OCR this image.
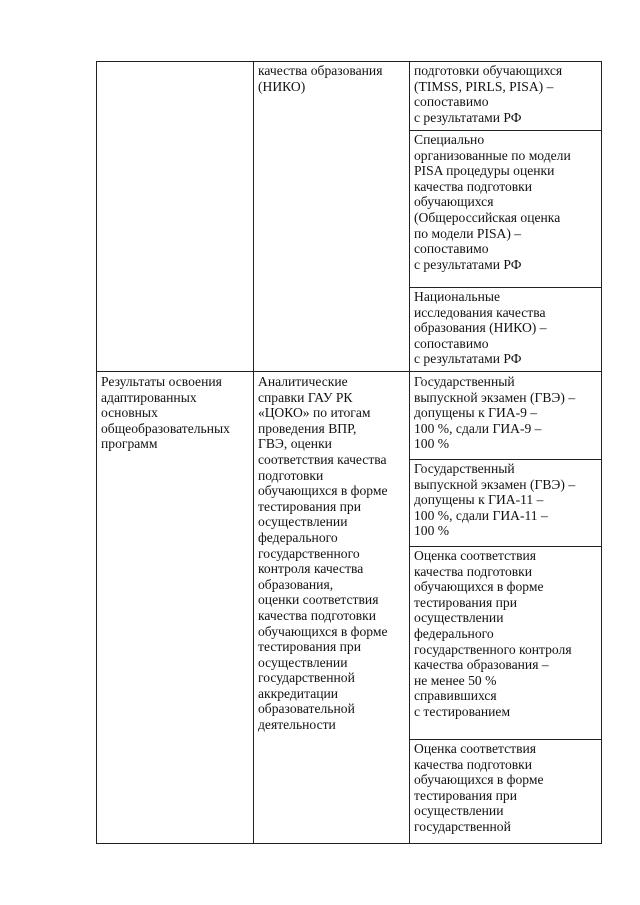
качества образования
(НИКО)
подготовки обучающихся
(TIMSS, PIRLS, PISA) –
сопоставимо
с результатами РФ
Специально
организованные по модели
PISA процедуры оценки
качества подготовки
обучающихся
(Общероссийская оценка
по модели PISA) –
сопоставимо
с результатами РФ
Национальные
исследования качества
образования (НИКО) –
сопоставимо
с результатами РФ
Результаты освоения
адаптированных
основных
общеобразовательных
программ
Аналитические
справки ГАУ РК
«ЦОКО» по итогам
проведения ВПР,
ГВЭ, оценки
соответствия качества
подготовки
обучающихся в форме
тестирования при
осуществлении
федерального
государственного
контроля качества
образования,
оценки соответствия
качества подготовки
обучающихся в форме
тестирования при
осуществлении
государственной
аккредитации
образовательной
деятельности
Государственный
выпускной экзамен (ГВЭ) –
допущены к ГИА-9 –
100 %, сдали ГИА-9 –
100 %
Государственный
выпускной экзамен (ГВЭ) –
допущены к ГИА-11 –
100 %, сдали ГИА-11 –
100 %
Оценка соответствия
качества подготовки
обучающихся в форме
тестирования при
осуществлении
федерального
государственного контроля
качества образования –
не менее 50 %
справившихся
с тестированием
Оценка соответствия
качества подготовки
обучающихся в форме
тестирования при
осуществлении
государственной
